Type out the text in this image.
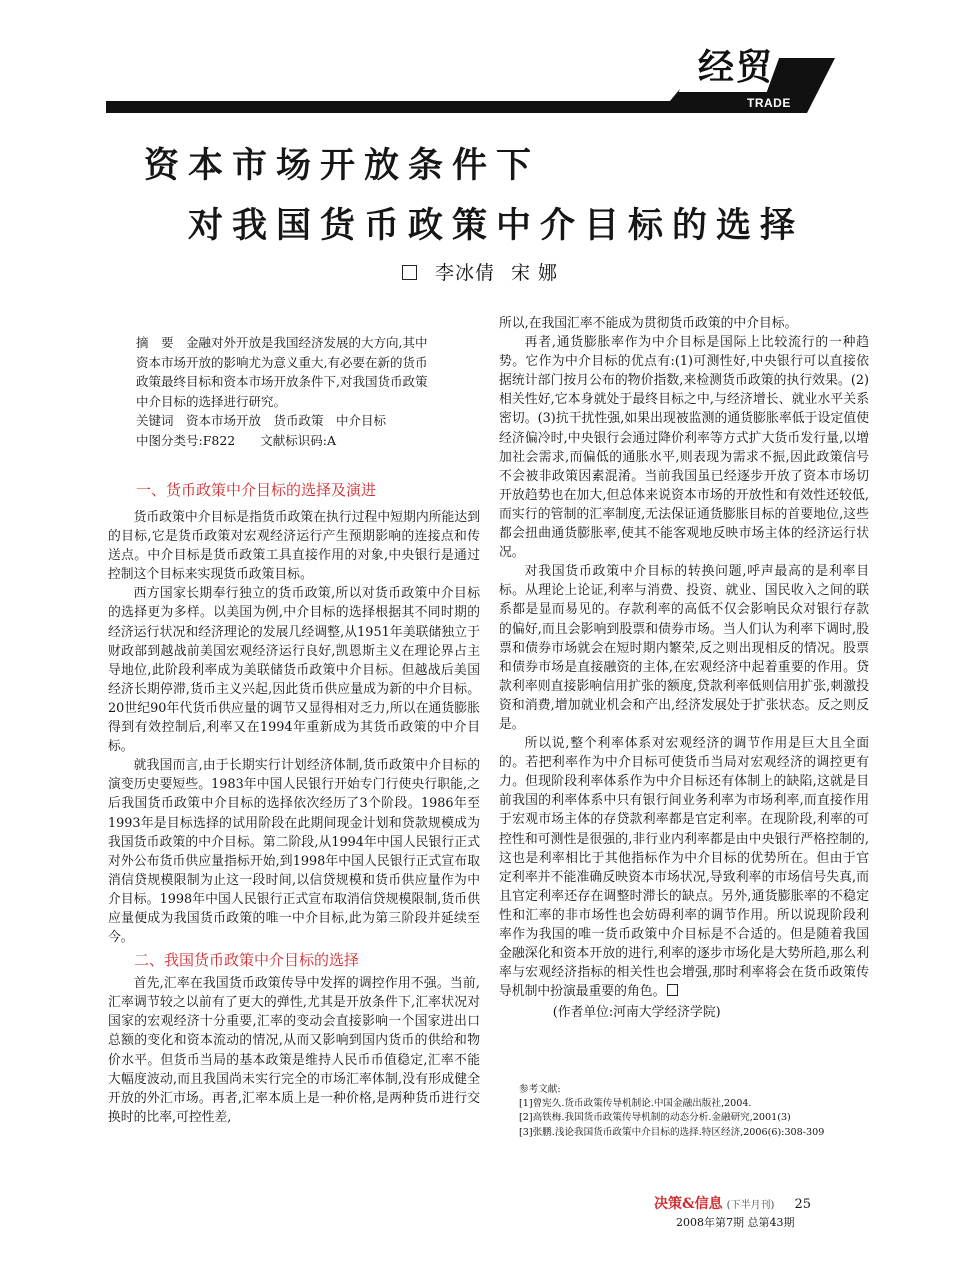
经贸
TRADE
资本市场开放条件下
对我国货币政策中介目标的选择
李冰倩 宋 娜
摘　要　金融对外开放是我国经济发展的大方向,其中
资本市场开放的影响尤为意义重大,有必要在新的货币
政策最终目标和资本市场开放条件下,对我国货币政策
中介目标的选择进行研究。
关键词　资本市场开放　货币政策　中介目标
中图分类号:F822　　文献标识码:A
一、货币政策中介目标的选择及演进

货币政策中介目标是指货币政策在执行过程中短期内所能达到的目标,它是货币政策对宏观经济运行产生预期影响的连接点和传送点。中介目标是货币政策工具直接作用的对象,中央银行是通过控制这个目标来实现货币政策目标。

西方国家长期奉行独立的货币政策,所以对货币政策中介目标的选择更为多样。以美国为例,中介目标的选择根据其不同时期的经济运行状况和经济理论的发展几经调整,从1951年美联储独立于财政部到越战前美国宏观经济运行良好,凯恩斯主义在理论界占主导地位,此阶段利率成为美联储货币政策中介目标。但越战后美国经济长期停滞,货币主义兴起,因此货币供应量成为新的中介目标。20世纪90年代货币供应量的调节又显得相对乏力,所以在通货膨胀得到有效控制后,利率又在1994年重新成为其货币政策的中介目标。

就我国而言,由于长期实行计划经济体制,货币政策中介目标的演变历史要短些。1983年中国人民银行开始专门行使央行职能,之后我国货币政策中介目标的选择依次经历了3个阶段。1986年至1993年是目标选择的试用阶段在此期间现金计划和贷款规模成为我国货币政策的中介目标。第二阶段,从1994年中国人民银行正式对外公布货币供应量指标开始,到1998年中国人民银行正式宣布取消信贷规模限制为止这一段时间,以信贷规模和货币供应量作为中介目标。1998年中国人民银行正式宣布取消信贷规模限制,货币供应量便成为我国货币政策的唯一中介目标,此为第三阶段并延续至今。

二、我国货币政策中介目标的选择

首先,汇率在我国货币政策传导中发挥的调控作用不强。当前,汇率调节较之以前有了更大的弹性,尤其是开放条件下,汇率状况对国家的宏观经济十分重要,汇率的变动会直接影响一个国家进出口总额的变化和资本流动的情况,从而又影响到国内货币的供给和物价水平。但货币当局的基本政策是维持人民币币值稳定,汇率不能大幅度波动,而且我国尚未实行完全的市场汇率体制,没有形成健全开放的外汇市场。再者,汇率本质上是一种价格,是两种货币进行交换时的比率,可控性差,

所以,在我国汇率不能成为贯彻货币政策的中介目标。

再者,通货膨胀率作为中介目标是国际上比较流行的一种趋势。它作为中介目标的优点有:(1)可测性好,中央银行可以直接依据统计部门按月公布的物价指数,来检测货币政策的执行效果。(2)相关性好,它本身就处于最终目标之中,与经济增长、就业水平关系密切。(3)抗干扰性强,如果出现被监测的通货膨胀率低于设定值使经济偏冷时,中央银行会通过降价利率等方式扩大货币发行量,以增加社会需求,而偏低的通胀水平,则表现为需求不振,因此政策信号不会被非政策因素混淆。当前我国虽已经逐步开放了资本市场切开放趋势也在加大,但总体来说资本市场的开放性和有效性还较低,而实行的管制的汇率制度,无法保证通货膨胀目标的首要地位,这些都会扭曲通货膨胀率,使其不能客观地反映市场主体的经济运行状况。

对我国货币政策中介目标的转换问题,呼声最高的是利率目标。从理论上论证,利率与消费、投资、就业、国民收入之间的联系都是显而易见的。存款利率的高低不仅会影响民众对银行存款的偏好,而且会影响到股票和债券市场。当人们认为利率下调时,股票和债券市场就会在短时期内繁荣,反之则出现相反的情况。股票和债券市场是直接融资的主体,在宏观经济中起着重要的作用。贷款利率则直接影响信用扩张的额度,贷款利率低则信用扩张,刺激投资和消费,增加就业机会和产出,经济发展处于扩张状态。反之则反是。

所以说,整个利率体系对宏观经济的调节作用是巨大且全面的。若把利率作为中介目标可使货币当局对宏观经济的调控更有力。但现阶段利率体系作为中介目标还有体制上的缺陷,这就是目前我国的利率体系中只有银行间业务利率为市场利率,而直接作用于宏观市场主体的存贷款利率都是官定利率。在现阶段,利率的可控性和可测性是很强的,非行业内利率都是由中央银行严格控制的,这也是利率相比于其他指标作为中介目标的优势所在。但由于官定利率并不能准确反映资本市场状况,导致利率的市场信号失真,而且官定利率还存在调整时滞长的缺点。另外,通货膨胀率的不稳定性和汇率的非市场性也会妨碍利率的调节作用。所以说现阶段利率作为我国的唯一货币政策中介目标是不合适的。但是随着我国金融深化和资本开放的进行,利率的逐步市场化是大势所趋,那么利率与宏观经济指标的相关性也会增强,那时利率将会在货币政策传导机制中扮演最重要的角色。

(作者单位:河南大学经济学院)

参考文献:
[1]曾宪久.货币政策传导机制论.中国金融出版社,2004.
[2]高铁梅.我国货币政策传导机制的动态分析.金融研究,2001(3)
[3]张鹏.浅论我国货币政策中介目标的选择.特区经济,2006(6):308-309
决策&信息 (下半月刊) 25
2008年第7期 总第43期
